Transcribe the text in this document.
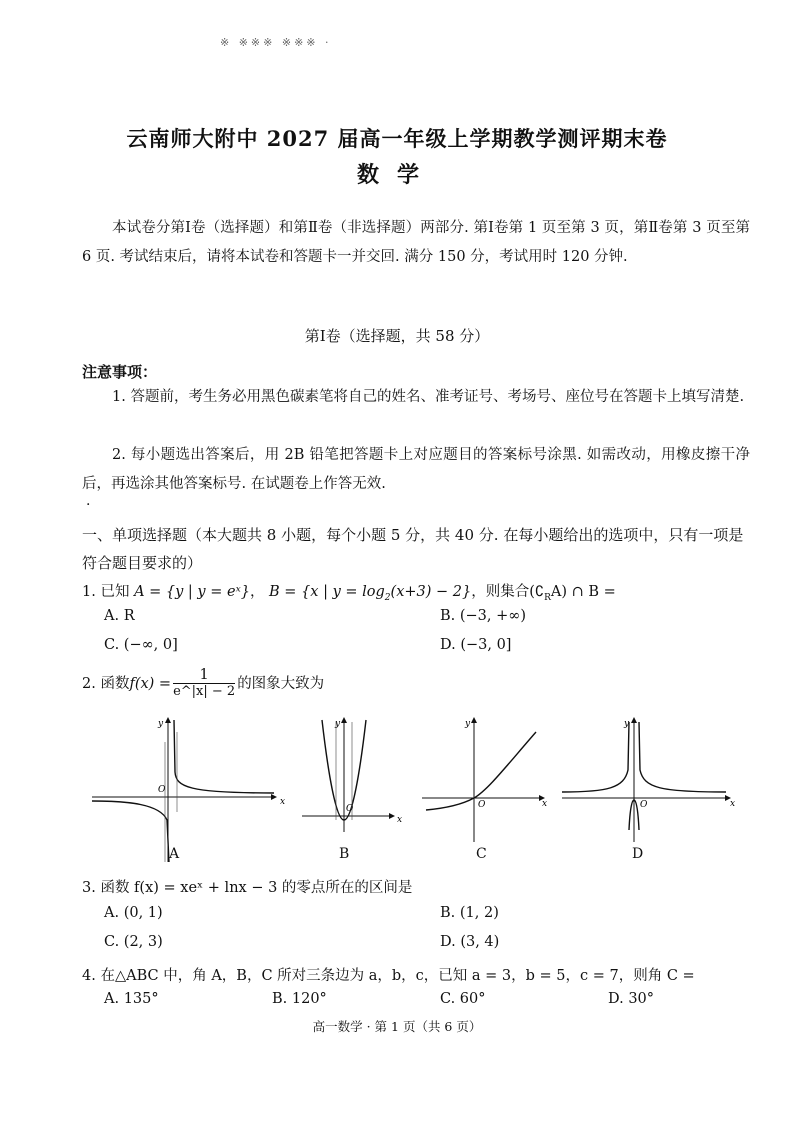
※ ※※※ ※※※ ·
云南师大附中 2027 届高一年级上学期教学测评期末卷
数学
本试卷分第Ⅰ卷（选择题）和第Ⅱ卷（非选择题）两部分. 第Ⅰ卷第 1 页至第 3 页，第Ⅱ卷第 3 页至第 6 页. 考试结束后，请将本试卷和答题卡一并交回. 满分 150 分，考试用时 120 分钟.
第Ⅰ卷（选择题，共 58 分）
注意事项：
1. 答题前，考生务必用黑色碳素笔将自己的姓名、准考证号、考场号、座位号在答题卡上填写清楚.
2. 每小题选出答案后，用 2B 铅笔把答题卡上对应题目的答案标号涂黑. 如需改动，用橡皮擦干净后，再选涂其他答案标号. 在试题卷上作答无效.
·
一、单项选择题（本大题共 8 小题，每个小题 5 分，共 40 分. 在每小题给出的选项中，只有一项是符合题目要求的）
1. 已知 A = {y | y = eˣ}， B = {x | $y = \log_2(x+3) - 2$}，则集合$(∁_RA)$ ∩ B =
A. R	B. (−3, +∞)
C. (−∞, 0]	D. (−3, 0]
2. 函数$f(x) = \frac{1}{e\^{}|x| - 2}$ 的图象大致为
x
y
O
x
y
O	x
y
O	x
y
O
A	B	C	D
3. 函数 f(x) = xeˣ + lnx − 3 的零点所在的区间是
A. (0, 1)	B. (1, 2)
C. (2, 3)	D. (3, 4)
4. 在△ABC 中，角 A，B，C 所对三条边为 a，b，c，已知 a = 3，b = 5，c = 7，则角 C =
A. 135°	B. 120°	C. 60°	D. 30°
高一数学 · 第 1 页（共 6 页）
